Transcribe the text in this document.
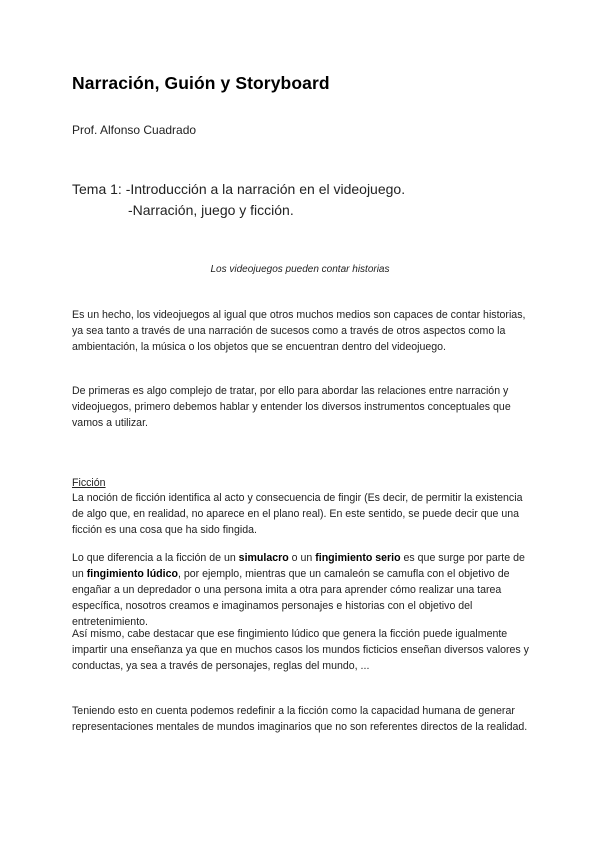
Narración, Guión y Storyboard
Prof. Alfonso Cuadrado
Tema 1: -Introducción a la narración en el videojuego.
-Narración, juego y ficción.
Los videojuegos pueden contar historias

Es un hecho, los videojuegos al igual que otros muchos medios son capaces de contar historias, ya sea tanto a través de una narración de sucesos como a través de otros aspectos como la ambientación, la música o los objetos que se encuentran dentro del videojuego.

De primeras es algo complejo de tratar, por ello para abordar las relaciones entre narración y videojuegos, primero debemos hablar y entender los diversos instrumentos conceptuales que vamos a utilizar.

Ficción

La noción de ficción identifica al acto y consecuencia de fingir (Es decir, de permitir la existencia de algo que, en realidad, no aparece en el plano real). En este sentido, se puede decir que una ficción es una cosa que ha sido fingida.

Lo que diferencia a la ficción de un simulacro o un fingimiento serio es que surge por parte de un fingimiento lúdico, por ejemplo, mientras que un camaleón se camufla con el objetivo de engañar a un depredador o una persona imita a otra para aprender cómo realizar una tarea específica, nosotros creamos e imaginamos personajes e historias con el objetivo del entretenimiento.

Así mismo, cabe destacar que ese fingimiento lúdico que genera la ficción puede igualmente impartir una enseñanza ya que en muchos casos los mundos ficticios enseñan diversos valores y conductas, ya sea a través de personajes, reglas del mundo, ...

Teniendo esto en cuenta podemos redefinir a la ficción como la capacidad humana de generar representaciones mentales de mundos imaginarios que no son referentes directos de la realidad.
